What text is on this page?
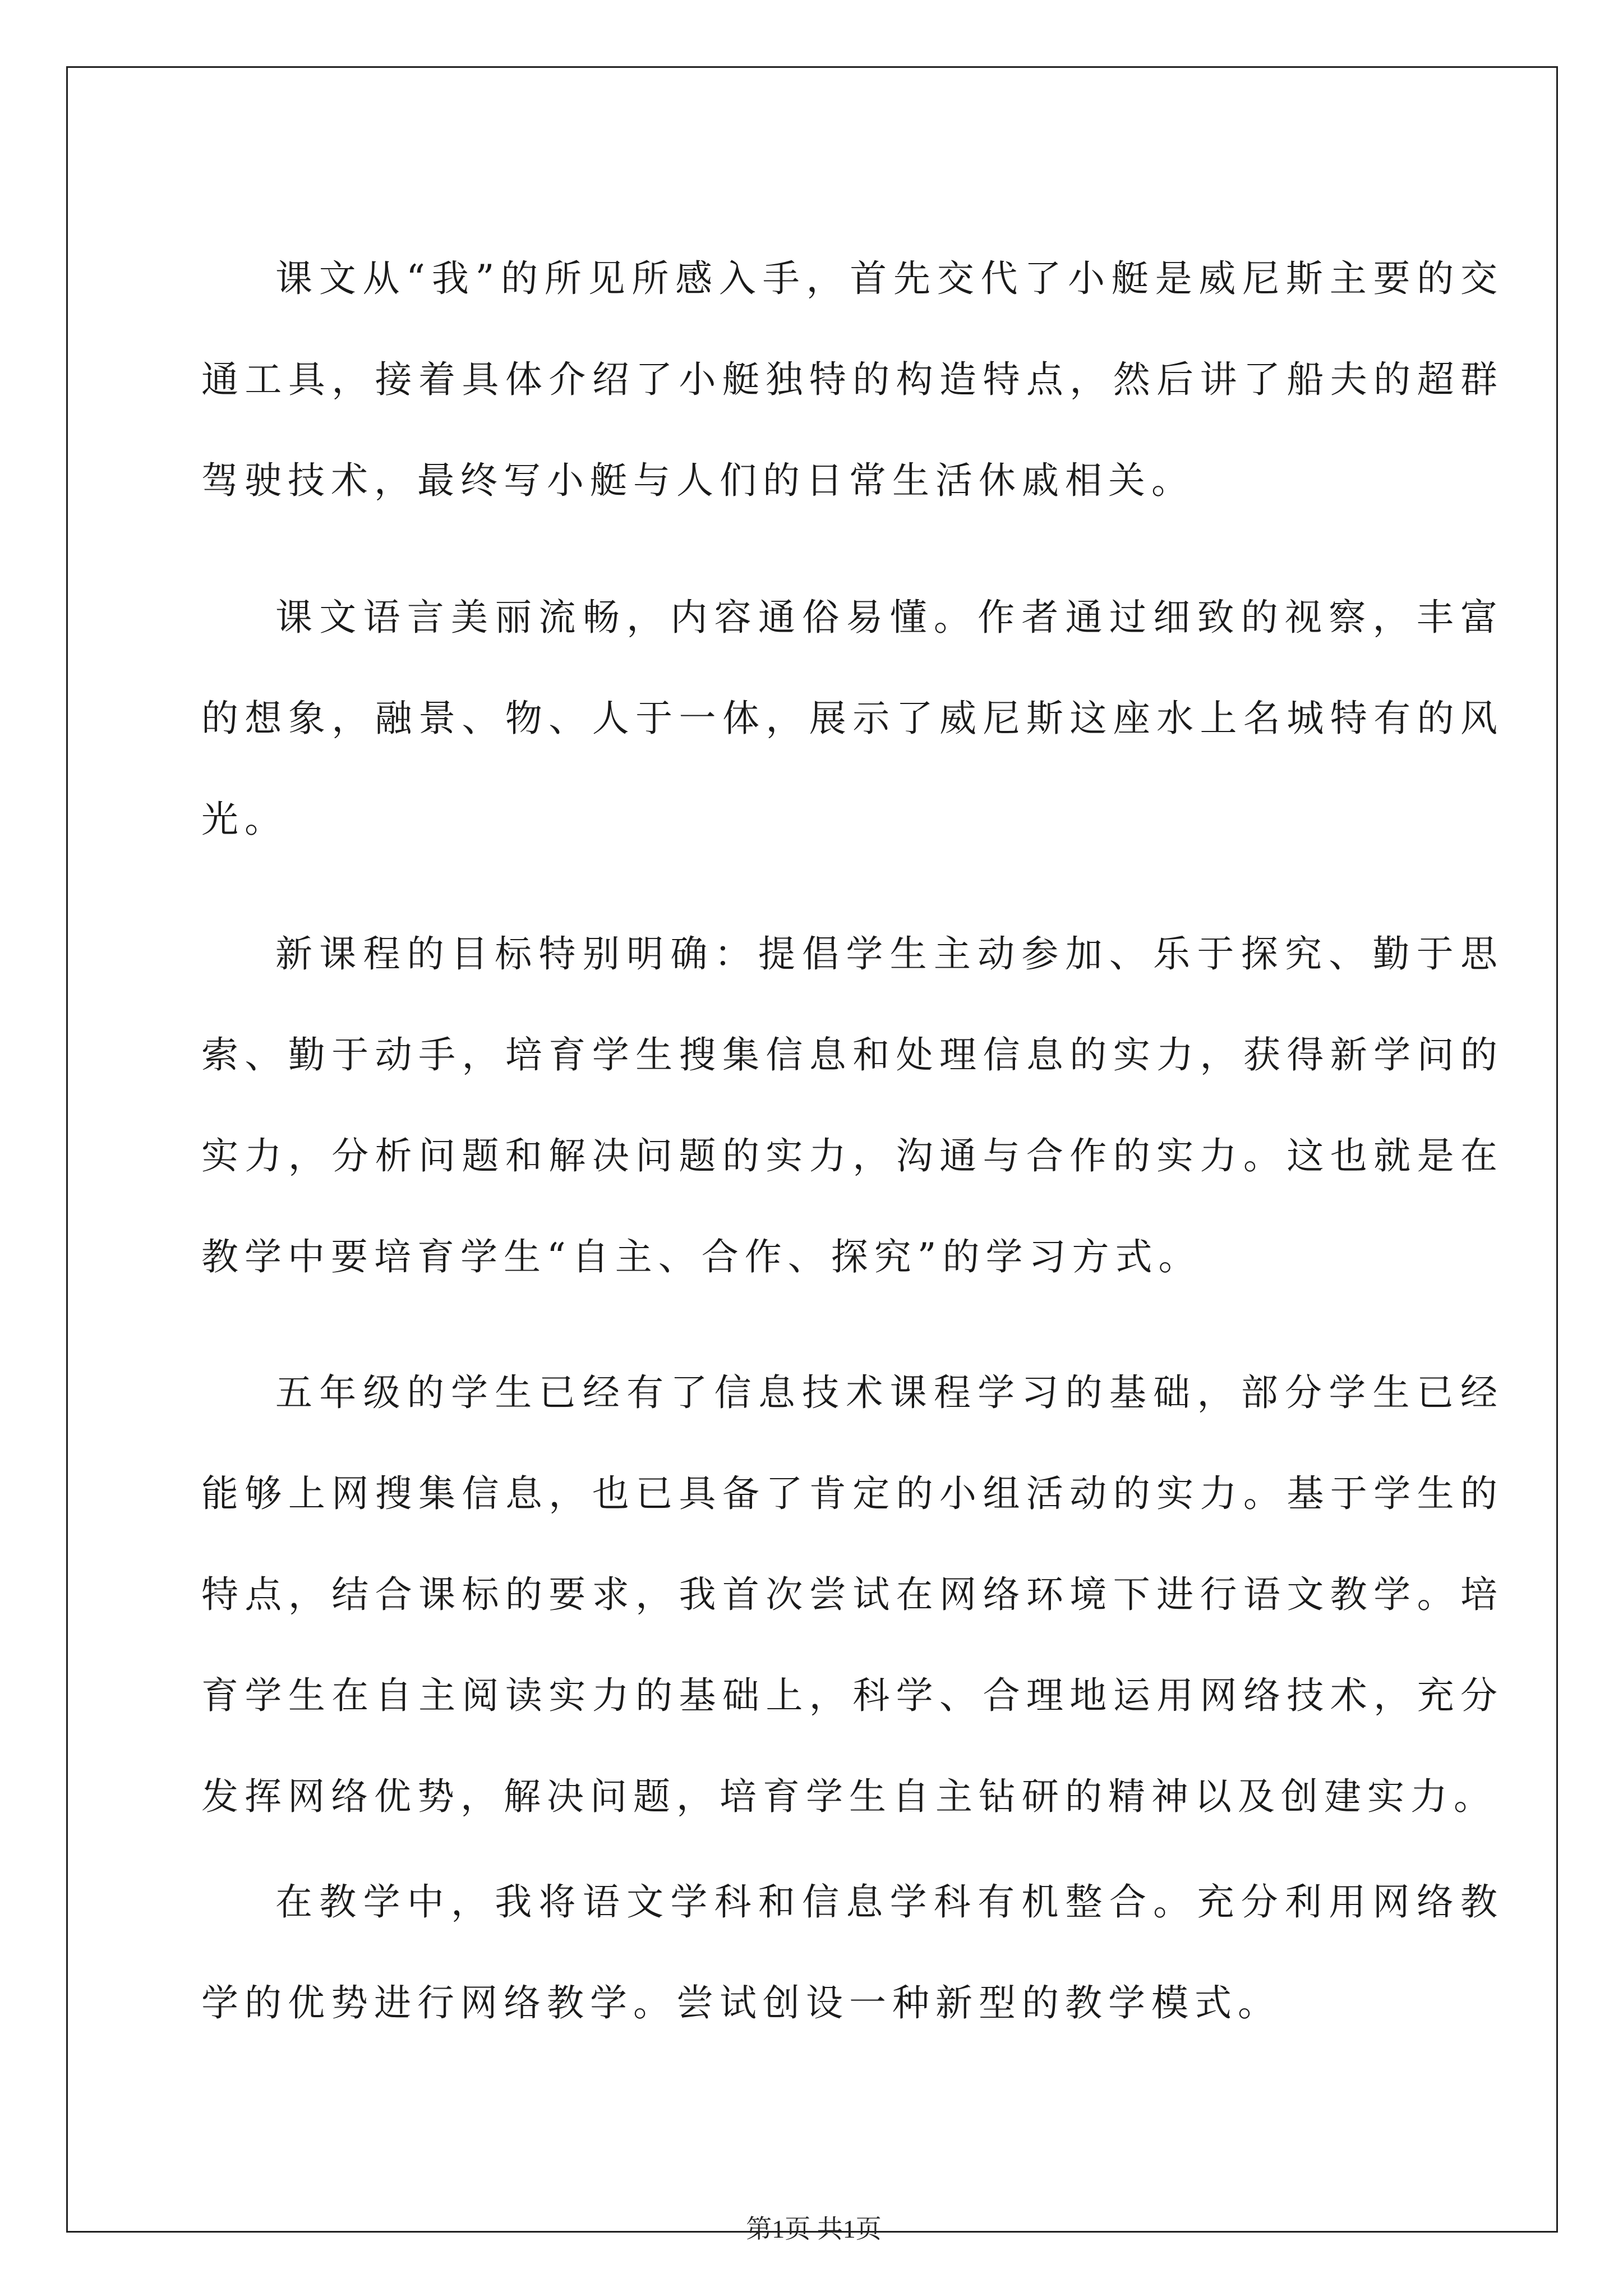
课文从“我”的所见所感入手，首先交代了小艇是威尼斯主要的交通工具，接着具体介绍了小艇独特的构造特点，然后讲了船夫的超群驾驶技术，最终写小艇与人们的日常生活休戚相关。

课文语言美丽流畅，内容通俗易懂。作者通过细致的视察，丰富的想象，融景、物、人于一体，展示了威尼斯这座水上名城特有的风光。

新课程的目标特别明确：提倡学生主动参加、乐于探究、勤于思索、勤于动手，培育学生搜集信息和处理信息的实力，获得新学问的实力，分析问题和解决问题的实力，沟通与合作的实力。这也就是在教学中要培育学生“自主、合作、探究”的学习方式。

五年级的学生已经有了信息技术课程学习的基础，部分学生已经能够上网搜集信息，也已具备了肯定的小组活动的实力。基于学生的特点，结合课标的要求，我首次尝试在网络环境下进行语文教学。培育学生在自主阅读实力的基础上，科学、合理地运用网络技术，充分发挥网络优势，解决问题，培育学生自主钻研的精神以及创建实力。

在教学中，我将语文学科和信息学科有机整合。充分利用网络教学的优势进行网络教学。尝试创设一种新型的教学模式。

第1页 共1页
